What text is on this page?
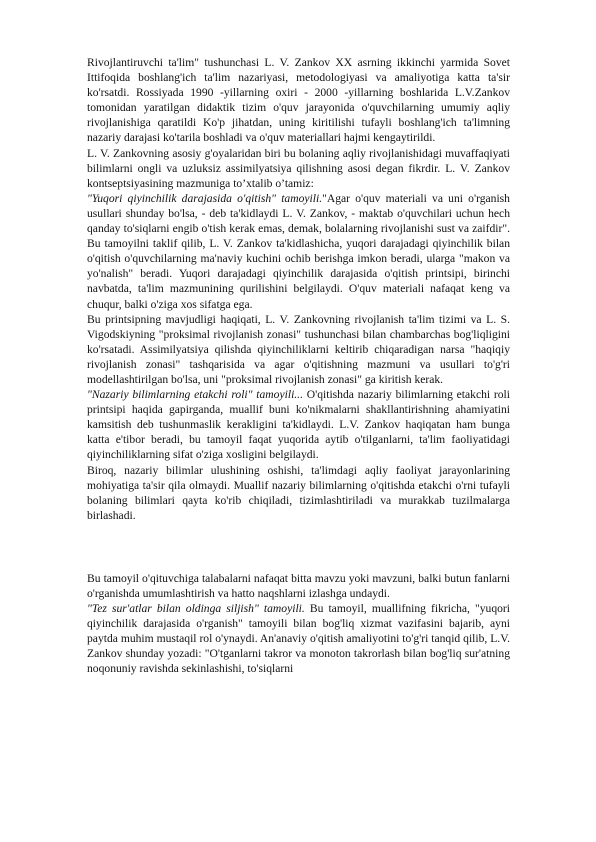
Rivojlantiruvchi ta'lim" tushunchasi L. V. Zankov XX asrning ikkinchi yarmida Sovet Ittifoqida boshlang'ich ta'lim nazariyasi, metodologiyasi va amaliyotiga katta ta'sir ko'rsatdi. Rossiyada 1990 -yillarning oxiri - 2000 -yillarning boshlarida L.V.Zankov tomonidan yaratilgan didaktik tizim o'quv jarayonida o'quvchilarning umumiy aqliy rivojlanishiga qaratildi Ko'p jihatdan, uning kiritilishi tufayli boshlang'ich ta'limning nazariy darajasi ko'tarila boshladi va o'quv materiallari hajmi kengaytirildi.

L. V. Zankovning asosiy g'oyalaridan biri bu bolaning aqliy rivojlanishidagi muvaffaqiyati bilimlarni ongli va uzluksiz assimilyatsiya qilishning asosi degan fikrdir. L. V. Zankov kontseptsiyasining mazmuniga to’xtalib o’tamiz:

"Yuqori qiyinchilik darajasida o'qitish" tamoyili."Agar o'quv materiali va uni o'rganish usullari shunday bo'lsa, - deb ta'kidlaydi L. V. Zankov, - maktab o'quvchilari uchun hech qanday to'siqlarni engib o'tish kerak emas, demak, bolalarning rivojlanishi sust va zaifdir". Bu tamoyilni taklif qilib, L. V. Zankov ta'kidlashicha, yuqori darajadagi qiyinchilik bilan o'qitish o'quvchilarning ma'naviy kuchini ochib berishga imkon beradi, ularga "makon va yo'nalish" beradi. Yuqori darajadagi qiyinchilik darajasida o'qitish printsipi, birinchi navbatda, ta'lim mazmunining qurilishini belgilaydi. O'quv materiali nafaqat keng va chuqur, balki o'ziga xos sifatga ega.

Bu printsipning mavjudligi haqiqati, L. V. Zankovning rivojlanish ta'lim tizimi va L. S. Vigodskiyning "proksimal rivojlanish zonasi" tushunchasi bilan chambarchas bog'liqligini ko'rsatadi. Assimilyatsiya qilishda qiyinchiliklarni keltirib chiqaradigan narsa "haqiqiy rivojlanish zonasi" tashqarisida va agar o'qitishning mazmuni va usullari to'g'ri modellashtirilgan bo'lsa, uni "proksimal rivojlanish zonasi" ga kiritish kerak.

"Nazariy bilimlarning etakchi roli" tamoyili... O'qitishda nazariy bilimlarning etakchi roli printsipi haqida gapirganda, muallif buni ko'nikmalarni shakllantirishning ahamiyatini kamsitish deb tushunmaslik kerakligini ta'kidlaydi. L.V. Zankov haqiqatan ham bunga katta e'tibor beradi, bu tamoyil faqat yuqorida aytib o'tilganlarni, ta'lim faoliyatidagi qiyinchiliklarning sifat o'ziga xosligini belgilaydi.

Biroq, nazariy bilimlar ulushining oshishi, ta'limdagi aqliy faoliyat jarayonlarining mohiyatiga ta'sir qila olmaydi. Muallif nazariy bilimlarning o'qitishda etakchi o'rni tufayli bolaning bilimlari qayta ko'rib chiqiladi, tizimlashtiriladi va murakkab tuzilmalarga birlashadi.

Bu tamoyil o'qituvchiga talabalarni nafaqat bitta mavzu yoki mavzuni, balki butun fanlarni o'rganishda umumlashtirish va hatto naqshlarni izlashga undaydi.

"Tez sur'atlar bilan oldinga siljish" tamoyili. Bu tamoyil, muallifning fikricha, "yuqori qiyinchilik darajasida o'rganish" tamoyili bilan bog'liq xizmat vazifasini bajarib, ayni paytda muhim mustaqil rol o'ynaydi. An'anaviy o'qitish amaliyotini to'g'ri tanqid qilib, L.V. Zankov shunday yozadi: "O'tganlarni takror va monoton takrorlash bilan bog'liq sur'atning noqonuniy ravishda sekinlashishi, to'siqlarni
